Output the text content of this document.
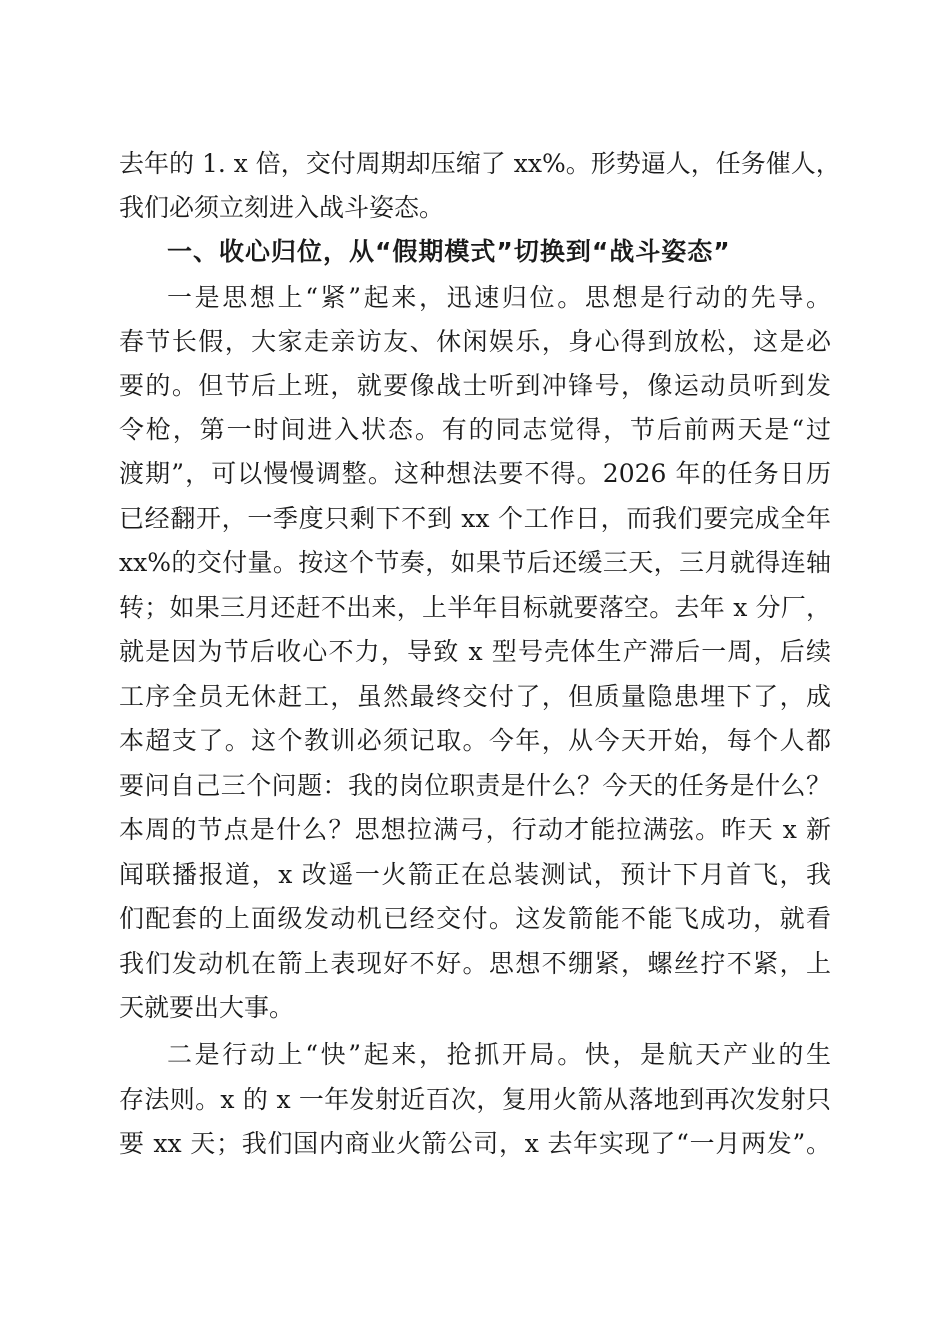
去年的 1. x 倍，交付周期却压缩了 xx%。形势逼人，任务催人，
我们必须立刻进入战斗姿态。
一、收心归位，从“假期模式”切换到“战斗姿态”
一是思想上“紧”起来，迅速归位。思想是行动的先导。
春节长假，大家走亲访友、休闲娱乐，身心得到放松，这是必
要的。但节后上班，就要像战士听到冲锋号，像运动员听到发
令枪，第一时间进入状态。有的同志觉得，节后前两天是“过
渡期”，可以慢慢调整。这种想法要不得。2026 年的任务日历
已经翻开，一季度只剩下不到 xx 个工作日，而我们要完成全年
xx%的交付量。按这个节奏，如果节后还缓三天，三月就得连轴
转；如果三月还赶不出来，上半年目标就要落空。去年 x 分厂，
就是因为节后收心不力，导致 x 型号壳体生产滞后一周，后续
工序全员无休赶工，虽然最终交付了，但质量隐患埋下了，成
本超支了。这个教训必须记取。今年，从今天开始，每个人都
要问自己三个问题：我的岗位职责是什么？今天的任务是什么？
本周的节点是什么？思想拉满弓，行动才能拉满弦。昨天 x 新
闻联播报道，x 改遥一火箭正在总装测试，预计下月首飞，我
们配套的上面级发动机已经交付。这发箭能不能飞成功，就看
我们发动机在箭上表现好不好。思想不绷紧，螺丝拧不紧，上
天就要出大事。
二是行动上“快”起来，抢抓开局。快，是航天产业的生
存法则。x 的 x 一年发射近百次，复用火箭从落地到再次发射只
要 xx 天；我们国内商业火箭公司，x 去年实现了“一月两发”。
